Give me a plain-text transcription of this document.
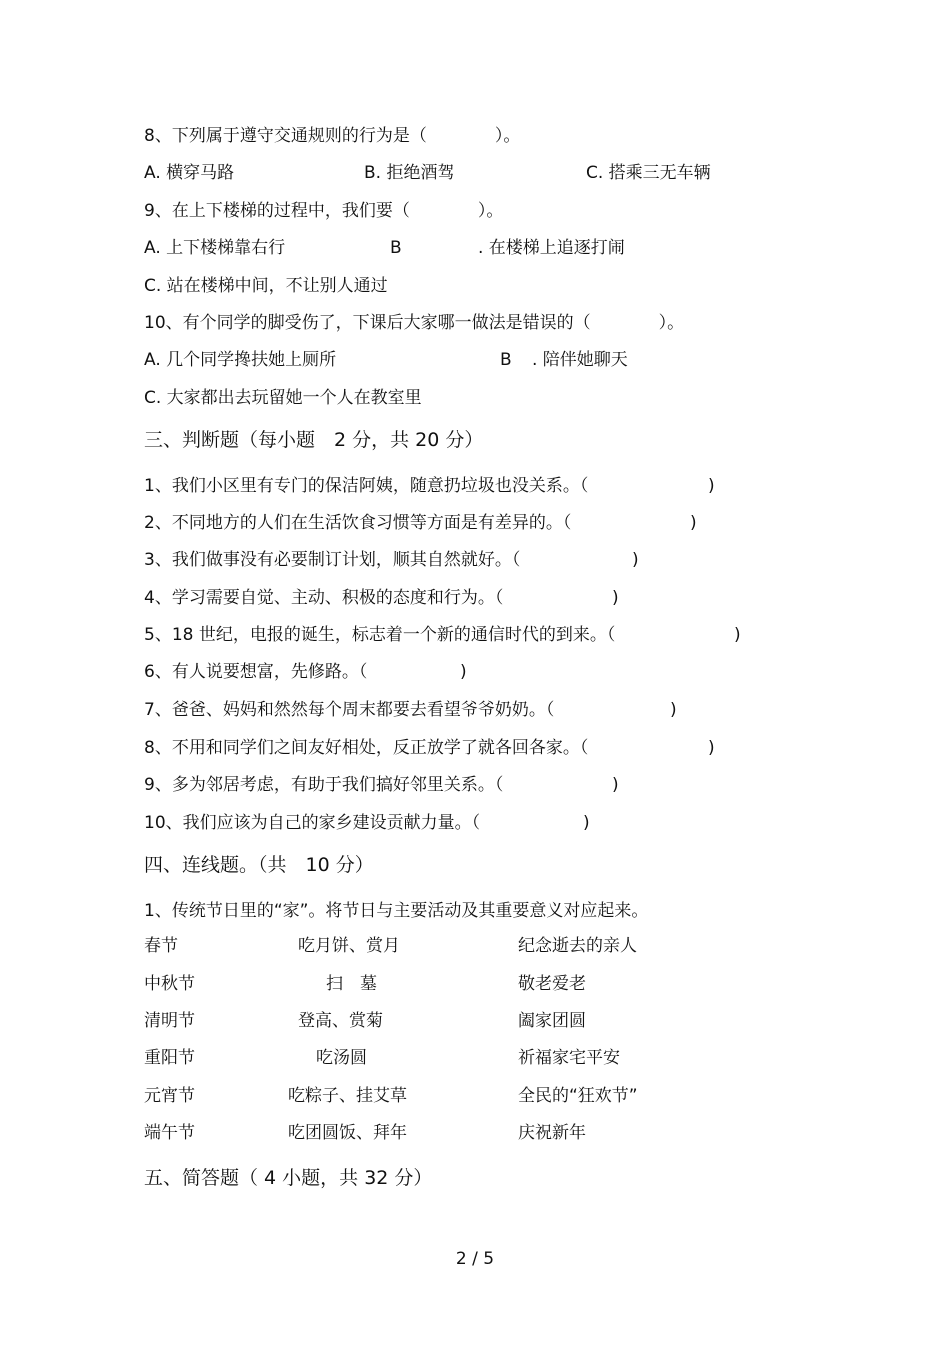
8、下列属于遵守交通规则的行为是（　　　　）。
A. 横穿马路	B. 拒绝酒驾	C. 搭乘三无车辆
9、在上下楼梯的过程中，我们要（　　　　）。
A. 上下楼梯靠右行	B	. 在楼梯上追逐打闹
C. 站在楼梯中间，不让别人通过
10、有个同学的脚受伤了，下课后大家哪一做法是错误的（　　　　）。
A. 几个同学搀扶她上厕所	B . 陪伴她聊天
C. 大家都出去玩留她一个人在教室里
三、判断题（每小题　2 分，共 20 分）
1、我们小区里有专门的保洁阿姨，随意扔垃圾也没关系。（	)
2、不同地方的人们在生活饮食习惯等方面是有差异的。（	)
3、我们做事没有必要制订计划，顺其自然就好。（	)
4、学习需要自觉、主动、积极的态度和行为。（	)
5、18 世纪，电报的诞生，标志着一个新的通信时代的到来。（	)
6、有人说要想富，先修路。（	)
7、爸爸、妈妈和然然每个周末都要去看望爷爷奶奶。（	)
8、不用和同学们之间友好相处，反正放学了就各回各家。（	)
9、多为邻居考虑，有助于我们搞好邻里关系。（	)
10、我们应该为自己的家乡建设贡献力量。（	)
四、连线题。（共　10 分）
1、传统节日里的“家”。将节日与主要活动及其重要意义对应起来。
春节	吃月饼、赏月	纪念逝去的亲人
中秋节	扫　墓	敬老爱老
清明节	登高、赏菊	阖家团圆
重阳节	吃汤圆	祈福家宅平安
元宵节	吃粽子、挂艾草	全民的“狂欢节”
端午节	吃团圆饭、拜年	庆祝新年
五、简答题（ 4 小题，共 32 分）
2 / 5
